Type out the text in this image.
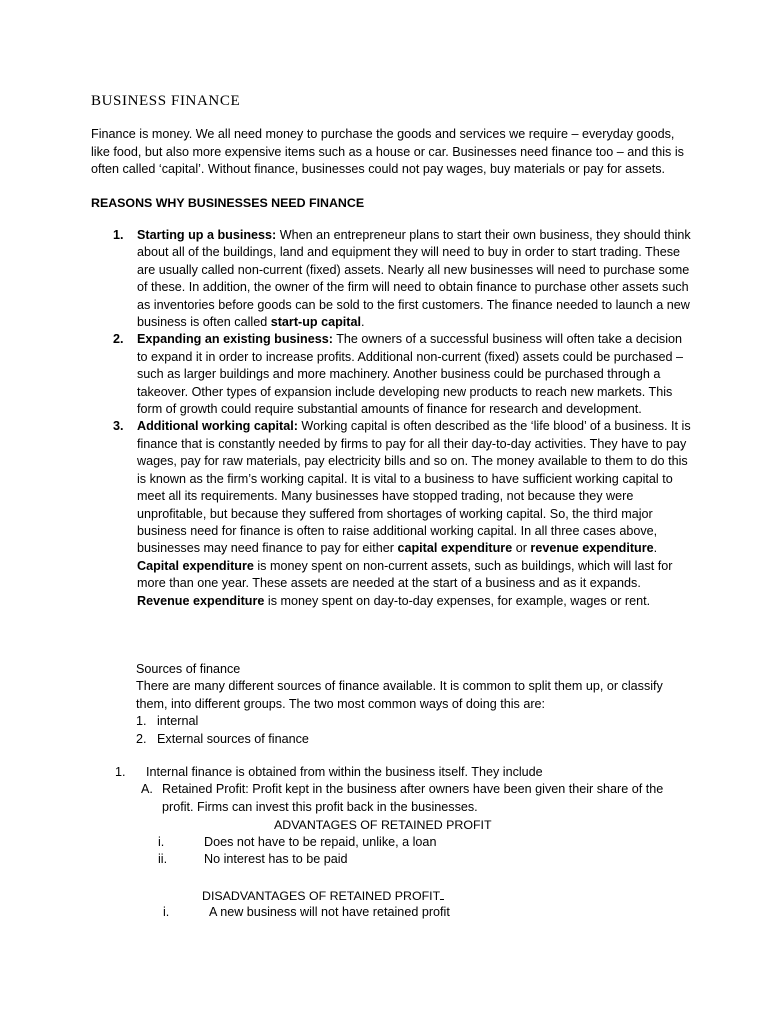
BUSINESS FINANCE
Finance is money. We all need money to purchase the goods and services we require – everyday goods, like food, but also more expensive items such as a house or car. Businesses need finance too – and this is often called ‘capital’. Without finance, businesses could not pay wages, buy materials or pay for assets.
REASONS WHY BUSINESSES NEED FINANCE
1. Starting up a business: When an entrepreneur plans to start their own business, they should think about all of the buildings, land and equipment they will need to buy in order to start trading. These are usually called non-current (fixed) assets. Nearly all new businesses will need to purchase some of these. In addition, the owner of the firm will need to obtain finance to purchase other assets such as inventories before goods can be sold to the first customers. The finance needed to launch a new business is often called start-up capital.
2. Expanding an existing business: The owners of a successful business will often take a decision to expand it in order to increase profits. Additional non-current (fixed) assets could be purchased – such as larger buildings and more machinery. Another business could be purchased through a takeover. Other types of expansion include developing new products to reach new markets. This form of growth could require substantial amounts of finance for research and development.
3. Additional working capital: Working capital is often described as the ‘life blood’ of a business. It is finance that is constantly needed by firms to pay for all their day-to-day activities. They have to pay wages, pay for raw materials, pay electricity bills and so on. The money available to them to do this is known as the firm’s working capital. It is vital to a business to have sufficient working capital to meet all its requirements. Many businesses have stopped trading, not because they were unprofitable, but because they suffered from shortages of working capital. So, the third major business need for finance is often to raise additional working capital. In all three cases above, businesses may need finance to pay for either capital expenditure or revenue expenditure. Capital expenditure is money spent on non-current assets, such as buildings, which will last for more than one year. These assets are needed at the start of a business and as it expands. Revenue expenditure is money spent on day-to-day expenses, for example, wages or rent.
Sources of finance
There are many different sources of finance available. It is common to split them up, or classify them, into different groups. The two most common ways of doing this are:
1. internal
2. External sources of finance
1. Internal finance is obtained from within the business itself. They include
A. Retained Profit: Profit kept in the business after owners have been given their share of the profit. Firms can invest this profit back in the businesses.
ADVANTAGES OF RETAINED PROFIT
i.	Does not have to be repaid, unlike, a loan
ii.	No interest has to be paid
DISADVANTAGES OF RETAINED PROFIT
i.	A new business will not have retained profit
